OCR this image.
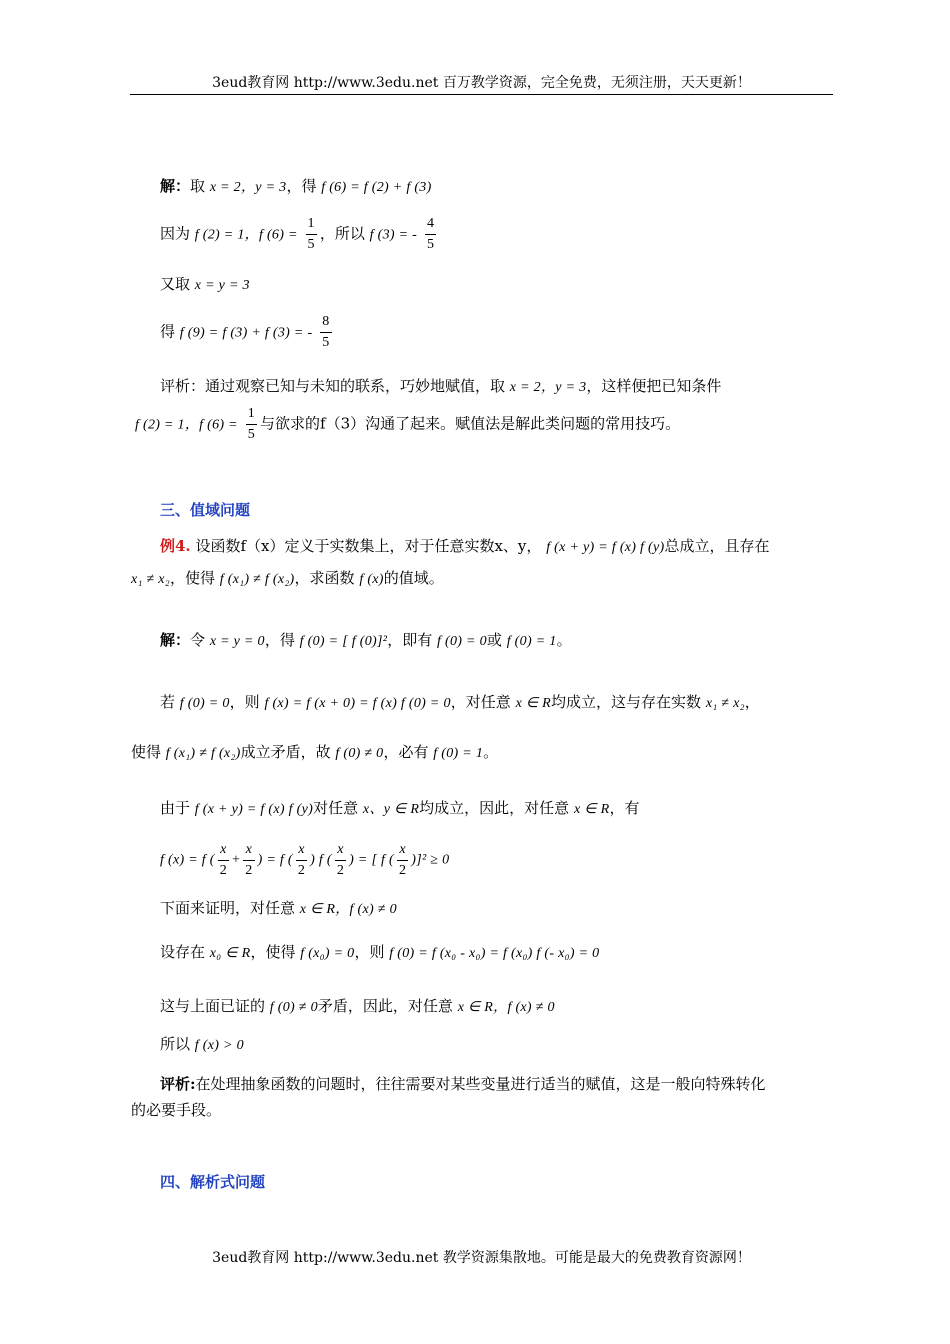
3eud教育网 http://www.3edu.net 百万教学资源，完全免费，无须注册，天天更新！
解：取 x = 2，y = 3，得 f (6) = f (2) + f (3)
因为 f (2) = 1，f $(6) = \frac{1}{5}$ ，所以 f (3) = - $\frac{4}{5}$
又取 x = y = 3
得 f (9) = f (3) + f (3) = - $\frac{8}{5}$
评析：通过观察已知与未知的联系，巧妙地赋值，取 x = 2，y = 3，这样便把已知条件
f (2) = 1，f $(6) = \frac{1}{5}$ 与欲求的f（3）沟通了起来。赋值法是解此类问题的常用技巧。
三、值域问题
例4. 设函数f（x）定义于实数集上，对于任意实数x、y， f (x + y) = f (x) f (y)总成立，且存在
x₁ ≠ x₂，使得 f (x₁) ≠ f (x₂)，求函数 f (x)的值域。
解：令 x = y = 0，得 f (0) = [ f (0)]²，即有 f (0) = 0或 f (0) = 1。
若 f (0) = 0，则 f (x) = f (x + 0) = f (x) f (0) = 0，对任意 x ∈ R均成立，这与存在实数 x₁ ≠ x₂，
使得 f (x₁) ≠ f (x₂)成立矛盾，故 f (0) ≠ 0，必有 f (0) = 1。
由于 f (x + y) = f (x) f (y)对任意 x、y ∈ R均成立，因此，对任意 x ∈ R，有
f (x) = f ( $\frac{x}{2} + \frac{x}{2}$ ) = f ( $\frac{x}{2}$ ) f ( $\frac{x}{2}$ ) = [ f ( $\frac{x}{2} )]^2 \ge 0$
下面来证明，对任意 x ∈ R，f (x) ≠ 0
设存在 x₀ ∈ R，使得 f (x₀) = 0，则 f (0) = f (x₀ - x₀) = f (x₀) f (- x₀) = 0
这与上面已证的 f (0) ≠ 0矛盾，因此，对任意 x ∈ R，f (x) ≠ 0
所以 f (x) > 0
评析:在处理抽象函数的问题时，往往需要对某些变量进行适当的赋值，这是一般向特殊转化
的必要手段。
四、解析式问题
3eud教育网 http://www.3edu.net 教学资源集散地。可能是最大的免费教育资源网！
